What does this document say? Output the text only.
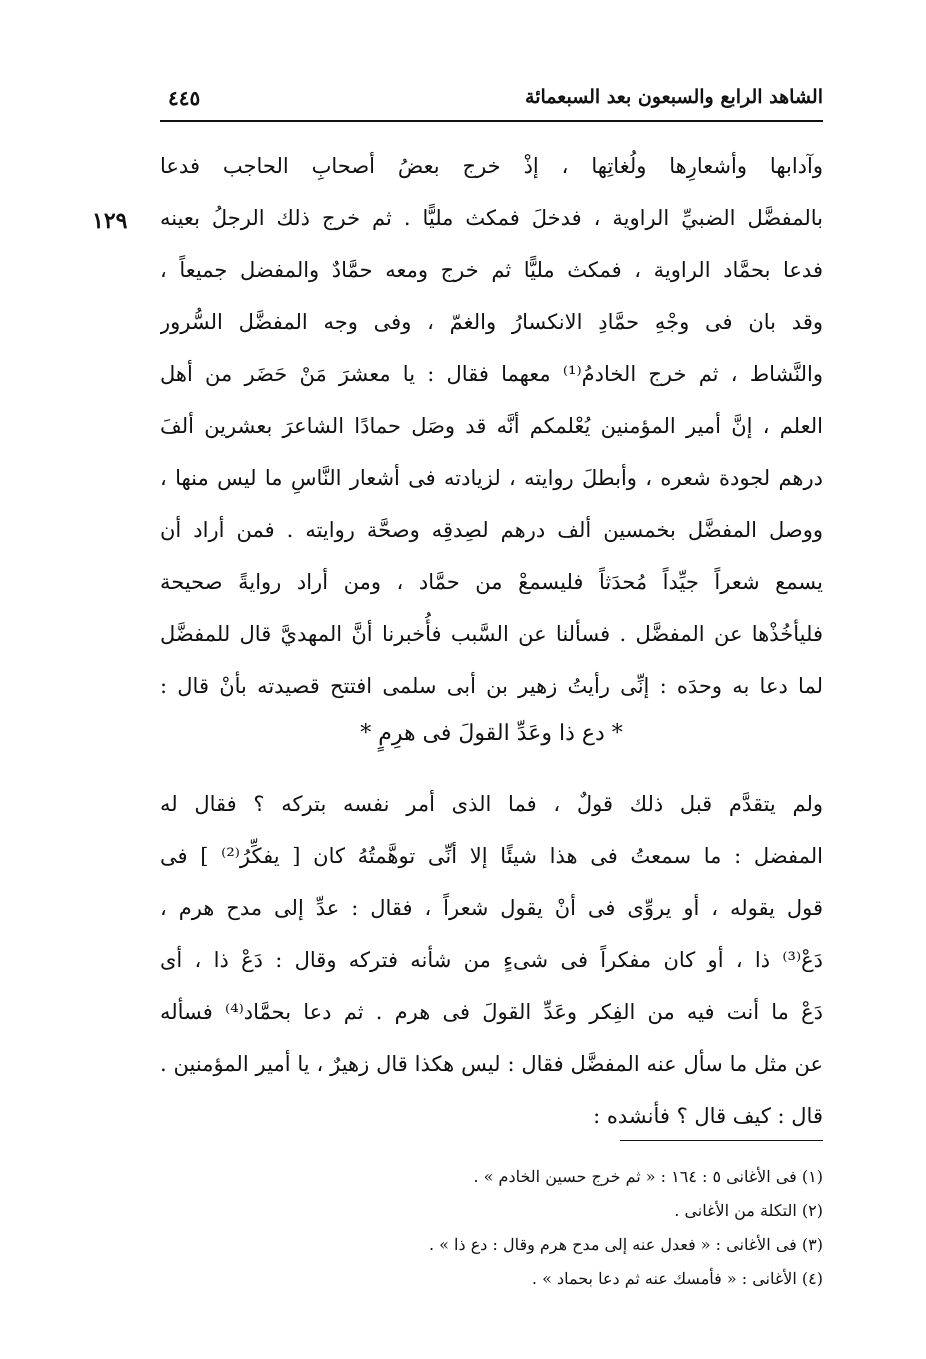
الشاهد الرابع والسبعون بعد السبعمائة
٤٤٥
١٢٩
وآدابها وأشعارِها ولُغاتِها ، إذْ خرج بعضُ أصحابِ الحاجب فدعا
بالمفضَّل الضبيِّ الراوية ، فدخلَ فمكث مليًّا . ثم خرج ذلك الرجلُ بعينه
فدعا بحمَّاد الراوية ، فمكث مليًّا ثم خرج ومعه حمَّادٌ والمفضل جميعاً ،
وقد بان فى وجْهِ حمَّادِ الانكسارُ والغمّ ، وفى وجه المفضَّل السُّرور
والنَّشاط ، ثم خرج الخادمُ⁽¹⁾ معهما فقال : يا معشرَ مَنْ حَضَر من أهل
العلم ، إنَّ أمير المؤمنين يُعْلمكم أنَّه قد وصَل حمادًا الشاعرَ بعشرين ألفَ
درهم لجودة شعره ، وأبطلَ روايته ، لزيادته فى أشعار النَّاسِ ما ليس منها ،
ووصل المفضَّل بخمسين ألف درهم لصِدقِه وصحَّة روايته . فمن أراد أن
يسمع شعراً جيِّداً مُحدَثاً فليسمعْ من حمَّاد ، ومن أراد روايةً صحيحة
فليأخُذْها عن المفضَّل . فسألنا عن السَّبب فأُخبرنا أنَّ المهديَّ قال للمفضَّل
لما دعا به وحدَه : إنِّى رأيتُ زهير بن أبى سلمى افتتح قصيدته بأنْ قال :
* دع ذا وعَدِّ القولَ فى هرِمٍ *
ولم يتقدَّم قبل ذلك قولٌ ، فما الذى أمر نفسه بتركه ؟ فقال له
المفضل : ما سمعتُ فى هذا شيئًا إلا أنِّى توهَّمتُهُ كان [ يفكِّرُ⁽²⁾ ] فى
قول يقوله ، أو يروِّى فى أنْ يقول شعراً ، فقال : عدِّ إلى مدح هرم ،
دَعْ⁽³⁾ ذا ، أو كان مفكراً فى شىءٍ من شأنه فتركه وقال : دَعْ ذا ، أى
دَعْ ما أنت فيه من الفِكر وعَدِّ القولَ فى هرم . ثم دعا بحمَّاد⁽⁴⁾ فسأله
عن مثل ما سأل عنه المفضَّل فقال : ليس هكذا قال زهيرٌ ، يا أمير المؤمنين .
قال : كيف قال ؟ فأنشده :
(١) فى الأغانى ٥ : ١٦٤ : « ثم خرج حسين الخادم » .
(٢) التكلة من الأغانى .
(٣) فى الأغانى : « فعدل عنه إلى مدح هرم وقال : دع ذا » .
(٤) الأغانى : « فأمسك عنه ثم دعا بحماد » .
